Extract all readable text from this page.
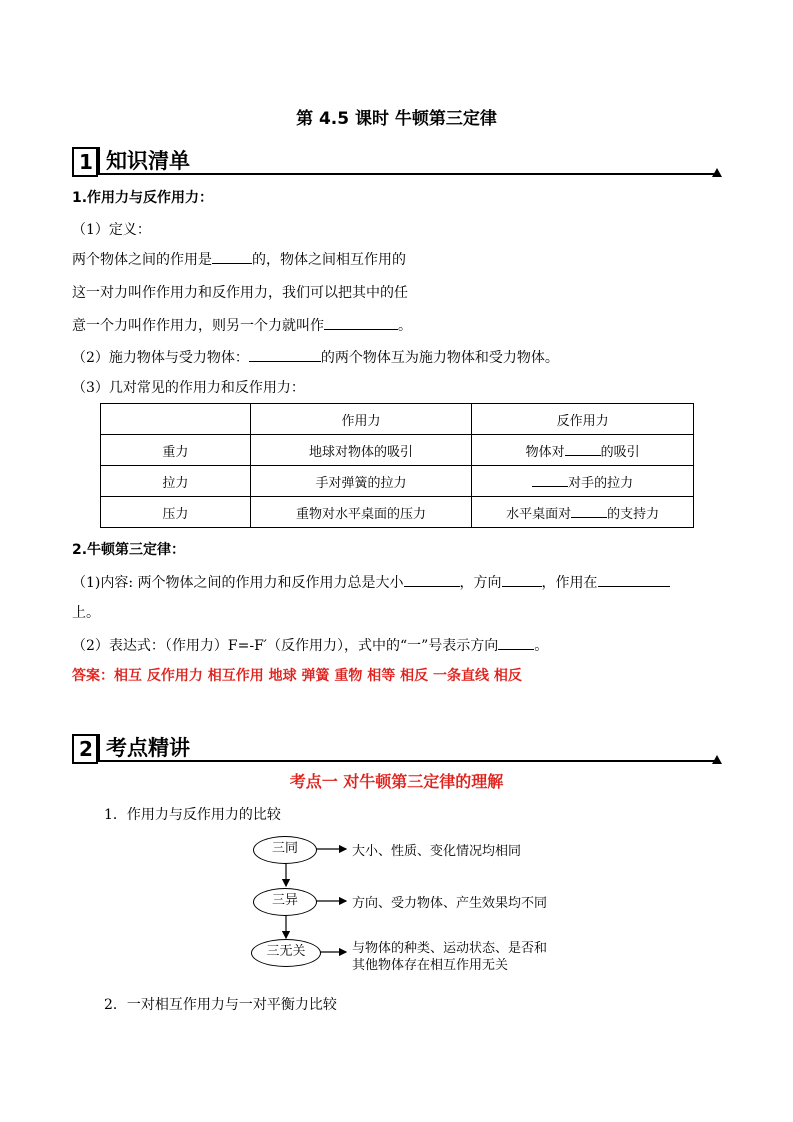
第 4.5 课时 牛顿第三定律
1 知识清单
1.作用力与反作用力：
（1）定义：
两个物体之间的作用是	的，物体之间相互作用的
这一对力叫作作用力和反作用力，我们可以把其中的任
意一个力叫作作用力，则另一个力就叫作	。
（2）施力物体与受力物体：	的两个物体互为施力物体和受力物体。
（3）几对常见的作用力和反作用力：
	作用力	反作用力
重力	地球对物体的吸引	物体对 的吸引
拉力	手对弹簧的拉力	对手的拉力
压力	重物对水平桌面的压力	水平桌面对 的支持力
2.牛顿第三定律：
（1)内容: 两个物体之间的作用力和反作用力总是大小	，方向	，作用在
上。
（2）表达式：（作用力）F=-F′（反作用力），式中的“一”号表示方向	。
答案：相互 反作用力 相互作用 地球 弹簧 重物 相等 相反 一条直线 相反
2 考点精讲
考点一 对牛顿第三定律的理解
1．作用力与反作用力的比较
三同	大小、性质、变化情况均相同
三异	方向、受力物体、产生效果均不同
三无关	与物体的种类、运动状态、是否和
其他物体存在相互作用无关
2．一对相互作用力与一对平衡力比较
